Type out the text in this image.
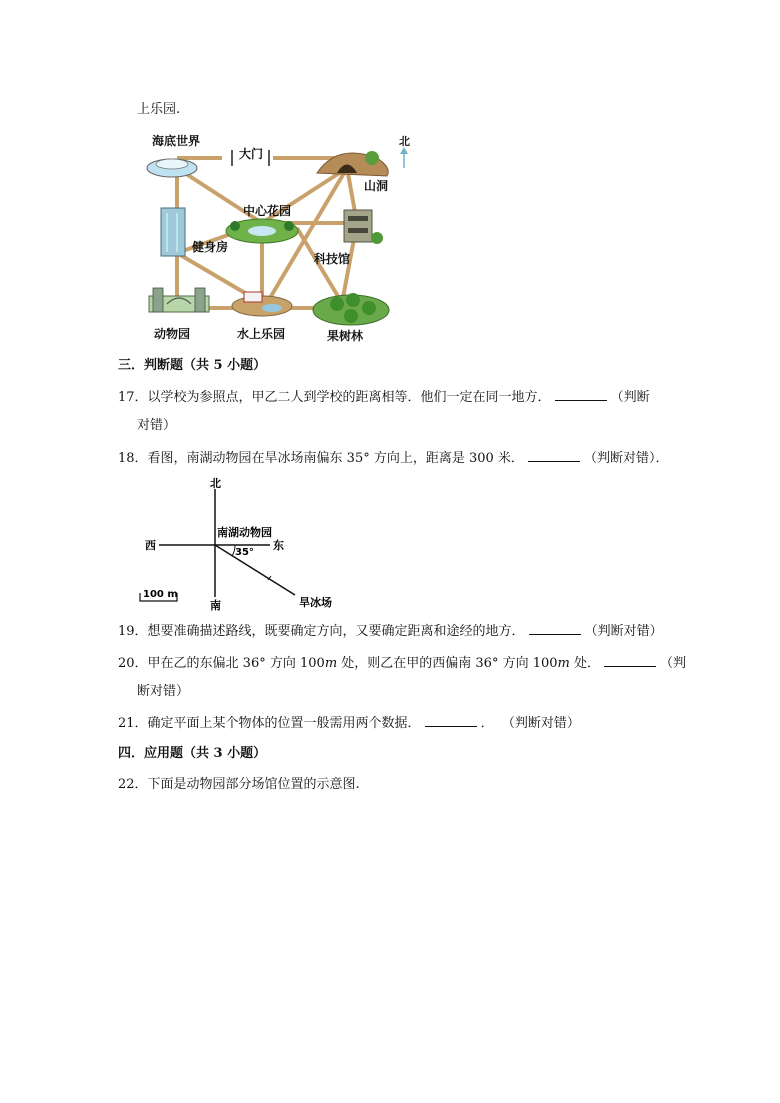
上乐园.
海底世界
大门
北
山洞
中心花园
健身房
科技馆
动物园	水上乐园	果树林
三．判断题（共 5 小题）
17．以学校为参照点，甲乙二人到学校的距离相等．他们一定在同一地方．	（判断
对错）
18．看图，南湖动物园在旱冰场南偏东 35° 方向上，距离是 300 米．	（判断对错）．
北
南
东
西
南湖动物园
35°
旱冰场
100 m
19．想要准确描述路线，既要确定方向，又要确定距离和途经的地方．	（判断对错）
20．甲在乙的东偏北 36° 方向 100m 处，则乙在甲的西偏南 36° 方向 100m 处．	（判
断对错）
21．确定平面上某个物体的位置一般需用两个数据．	． （判断对错）
四．应用题（共 3 小题）
22．下面是动物园部分场馆位置的示意图.
